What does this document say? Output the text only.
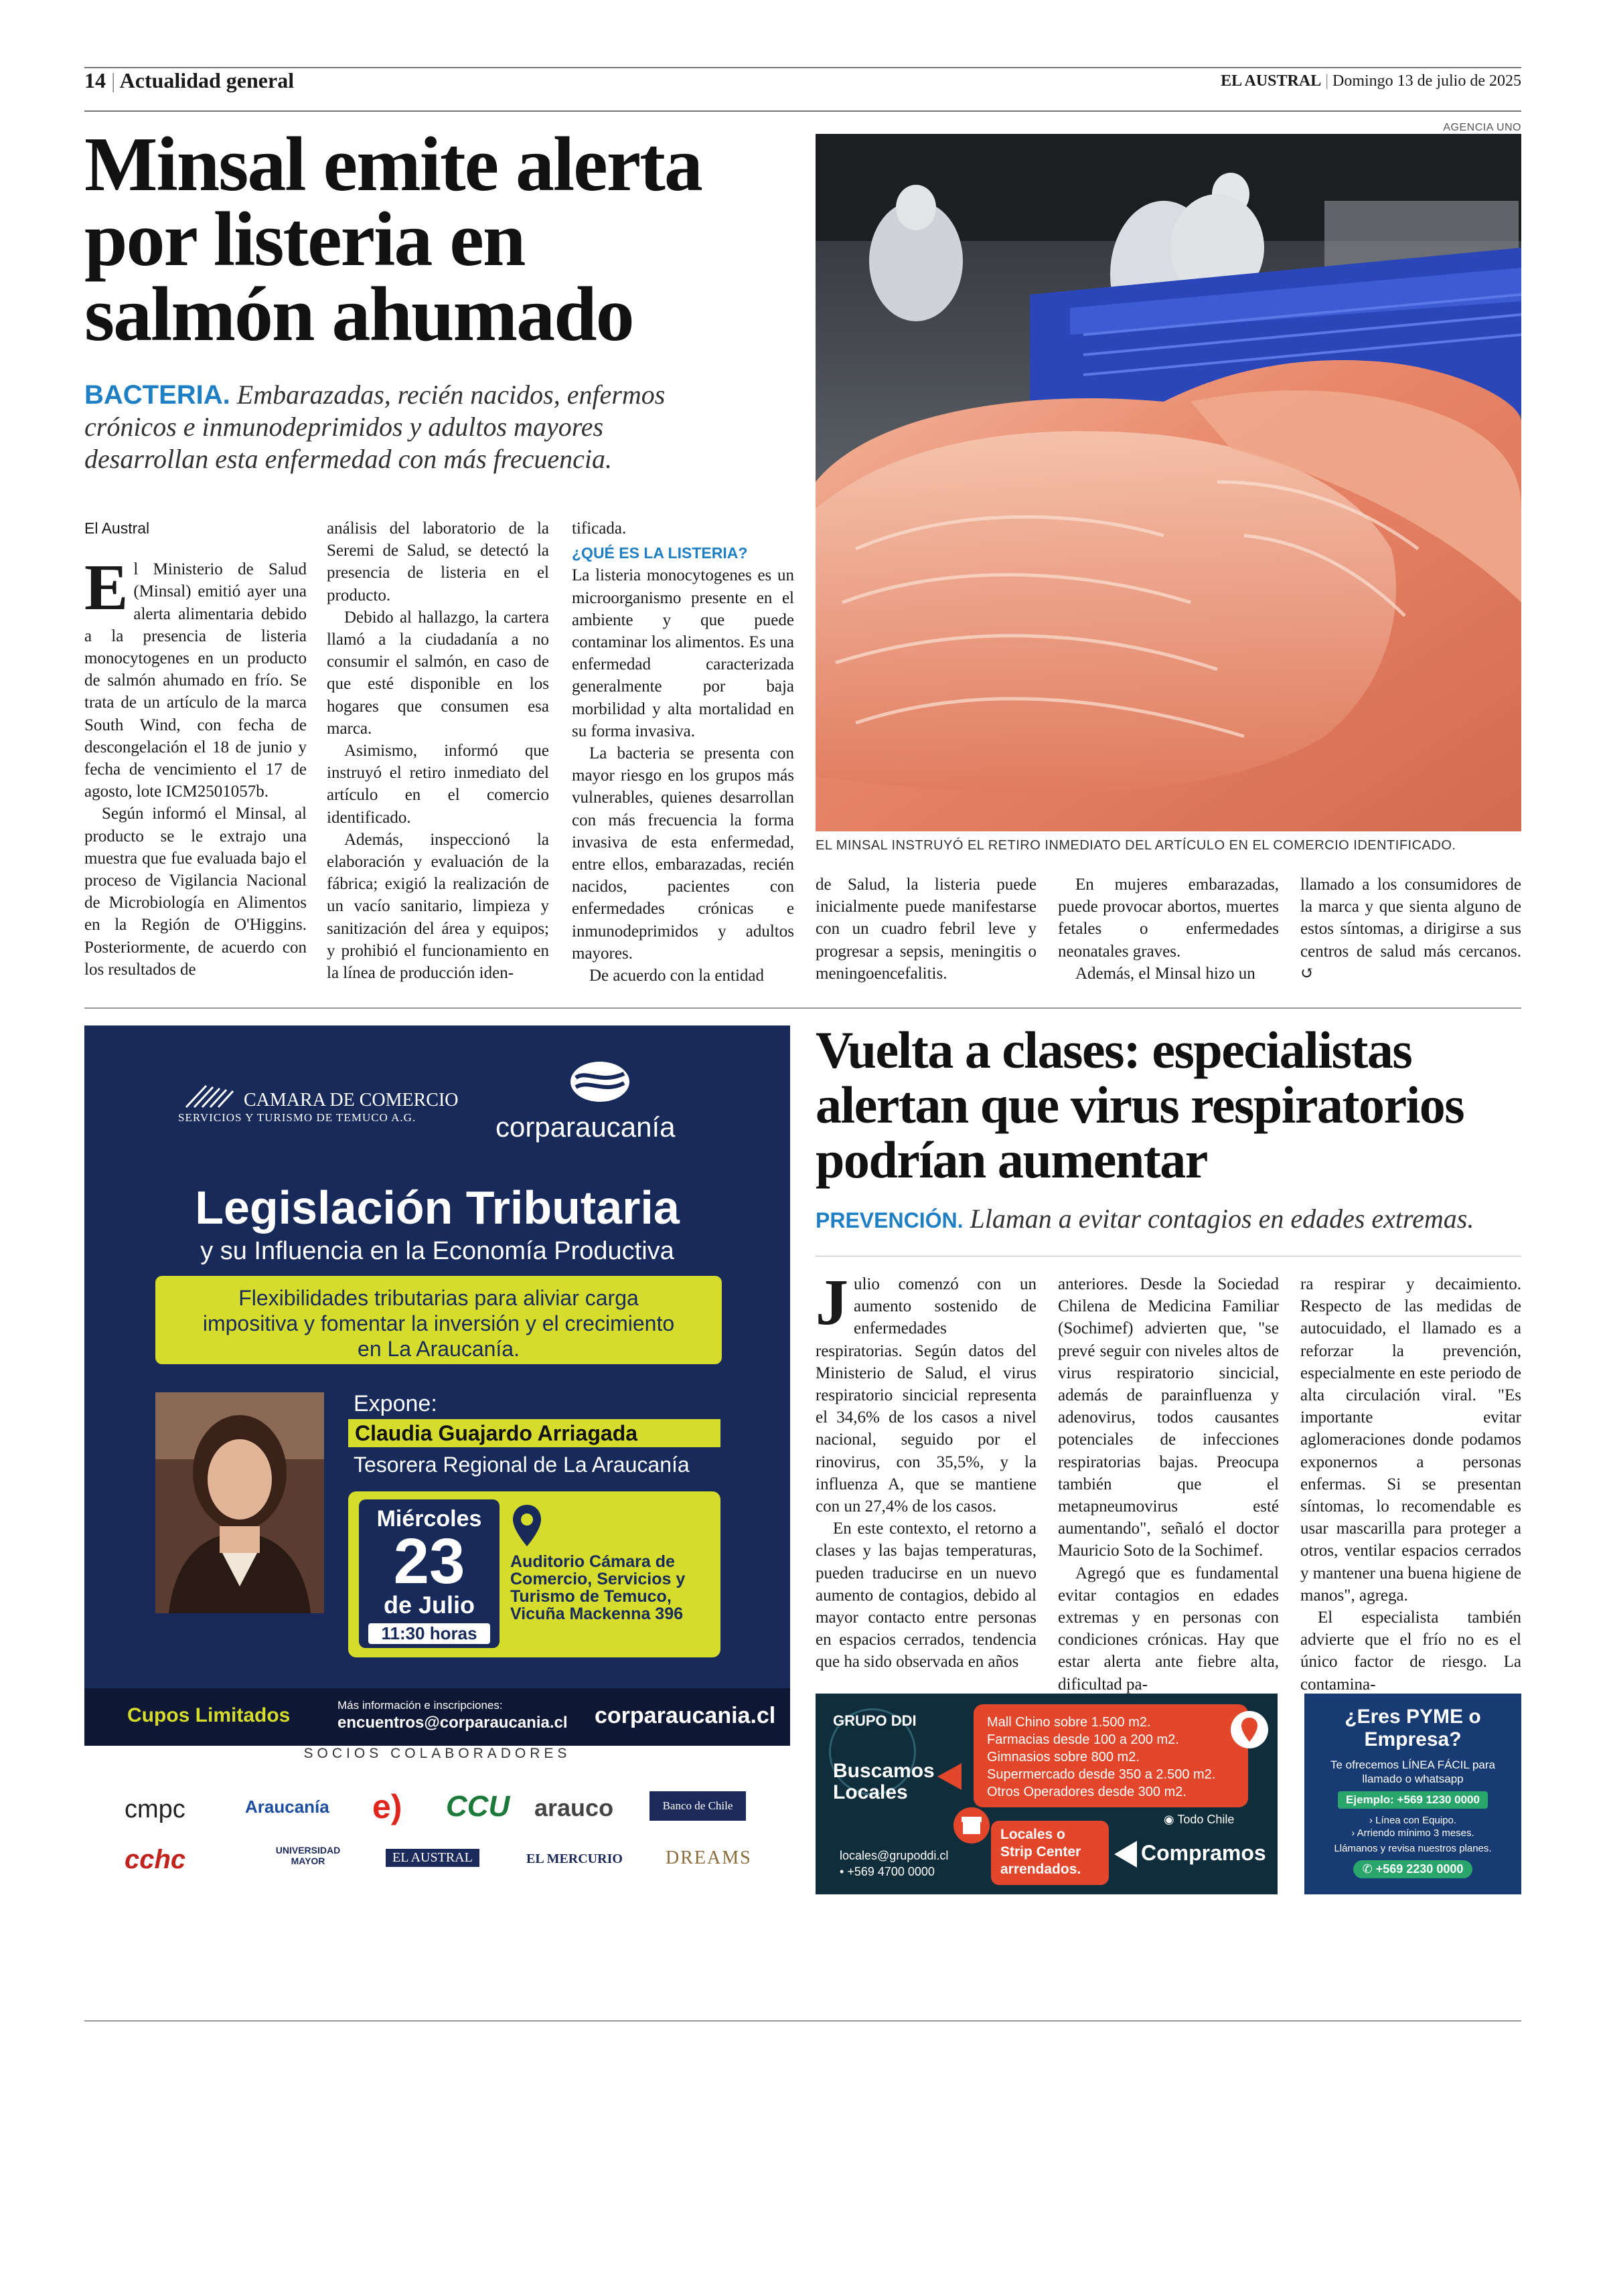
14 | Actualidad general	EL AUSTRAL | Domingo 13 de julio de 2025
Minsal emite alerta por listeria en salmón ahumado
BACTERIA. Embarazadas, recién nacidos, enfermos crónicos e inmunodeprimidos y adultos mayores desarrollan esta enfermedad con más frecuencia.
AGENCIA UNO
EL MINSAL INSTRUYÓ EL RETIRO INMEDIATO DEL ARTÍCULO EN EL COMERCIO IDENTIFICADO.

El Austral

El Ministerio de Salud (Minsal) emitió ayer una alerta alimentaria debido a la presencia de listeria monocytogenes en un producto de salmón ahumado en frío. Se trata de un artículo de la marca South Wind, con fecha de descongelación el 18 de junio y fecha de vencimiento el 17 de agosto, lote ICM2501057b.

Según informó el Minsal, al producto se le extrajo una muestra que fue evaluada bajo el proceso de Vigilancia Nacional de Microbiología en Alimentos en la Región de O'Higgins. Posteriormente, de acuerdo con los resultados de

análisis del laboratorio de la Seremi de Salud, se detectó la presencia de listeria en el producto.

Debido al hallazgo, la cartera llamó a la ciudadanía a no consumir el salmón, en caso de que esté disponible en los hogares que consumen esa marca.

Asimismo, informó que instruyó el retiro inmediato del artículo en el comercio identificado.

Además, inspeccionó la elaboración y evaluación de la fábrica; exigió la realización de un vacío sanitario, limpieza y sanitización del área y equipos; y prohibió el funcionamiento en la línea de producción iden-

tificada.

¿QUÉ ES LA LISTERIA?

La listeria monocytogenes es un microorganismo presente en el ambiente y que puede contaminar los alimentos. Es una enfermedad caracterizada generalmente por baja morbilidad y alta mortalidad en su forma invasiva.

La bacteria se presenta con mayor riesgo en los grupos más vulnerables, quienes desarrollan con más frecuencia la forma invasiva de esta enfermedad, entre ellos, embarazadas, recién nacidos, pacientes con enfermedades crónicas e inmunodeprimidos y adultos mayores.

De acuerdo con la entidad

de Salud, la listeria puede inicialmente puede manifestarse con un cuadro febril leve y progresar a sepsis, meningitis o meningoencefalitis.

En mujeres embarazadas, puede provocar abortos, muertes fetales o enfermedades neonatales graves.

Además, el Minsal hizo un

llamado a los consumidores de la marca y que sienta alguno de estos síntomas, a dirigirse a sus centros de salud más cercanos. ↺

CAMARA DE COMERCIO
SERVICIOS Y TURISMO DE TEMUCO A.G.	corparaucanía
Legislación Tributaria
y su Influencia en la Economía Productiva
Flexibilidades tributarias para aliviar carga impositiva y fomentar la inversión y el crecimiento en La Araucanía.
Expone:
Claudia Guajardo Arriagada
Tesorera Regional de La Araucanía
Miércoles
23
de Julio
11:30 horas
Auditorio Cámara de Comercio, Servicios y Turismo de Temuco, Vicuña Mackenna 396
Cupos Limitados	Más información e inscripciones:
encuentros@corparaucania.cl corparaucania.cl
SOCIOS COLABORADORES
cmpc	Araucanía e) CCU arauco	Banco de Chile
cchc	UNIVERSIDAD MAYOR	EL AUSTRAL	EL MERCURIO DREAMS
Vuelta a clases: especialistas alertan que virus respiratorios podrían aumentar
PREVENCIÓN. Llaman a evitar contagios en edades extremas.

Julio comenzó con un aumento sostenido de enfermedades respiratorias. Según datos del Ministerio de Salud, el virus respiratorio sincicial representa el 34,6% de los casos a nivel nacional, seguido por el rinovirus, con 35,5%, y la influenza A, que se mantiene con un 27,4% de los casos.

En este contexto, el retorno a clases y las bajas temperaturas, pueden traducirse en un nuevo aumento de contagios, debido al mayor contacto entre personas en espacios cerrados, tendencia que ha sido observada en años

anteriores. Desde la Sociedad Chilena de Medicina Familiar (Sochimef) advierten que, "se prevé seguir con niveles altos de virus respiratorio sincicial, además de parainfluenza y adenovirus, todos causantes potenciales de infecciones respiratorias bajas. Preocupa también que el metapneumovirus esté aumentando", señaló el doctor Mauricio Soto de la Sochimef.

Agregó que es fundamental evitar contagios en edades extremas y en personas con condiciones crónicas. Hay que estar alerta ante fiebre alta, dificultad pa-

ra respirar y decaimiento. Respecto de las medidas de autocuidado, el llamado es a reforzar la prevención, especialmente en este periodo de alta circulación viral. "Es importante evitar aglomeraciones donde podamos exponernos a personas enfermas. Si se presentan síntomas, lo recomendable es usar mascarilla para proteger a otros, ventilar espacios cerrados y mantener una buena higiene de manos", agrega.

El especialista también advierte que el frío no es el único factor de riesgo. La contamina-

GRUPO DDI
Buscamos Locales
Mall Chino sobre 1.500 m2.
Farmacias desde 100 a 200 m2.
Gimnasios sobre 800 m2.
Supermercado desde 350 a 2.500 m2.
Otros Operadores desde 300 m2.
◉ Todo Chile
Locales o Strip Center arrendados.
Compramos
locales@grupoddi.cl
• +569 4700 0000
¿Eres PYME o Empresa?
Te ofrecemos LÍNEA FÁCIL para llamado o whatsapp
Ejemplo: +569 1230 0000
› Línea con Equipo.
› Arriendo mínimo 3 meses.
Llámanos y revisa nuestros planes.
✆ +569 2230 0000
